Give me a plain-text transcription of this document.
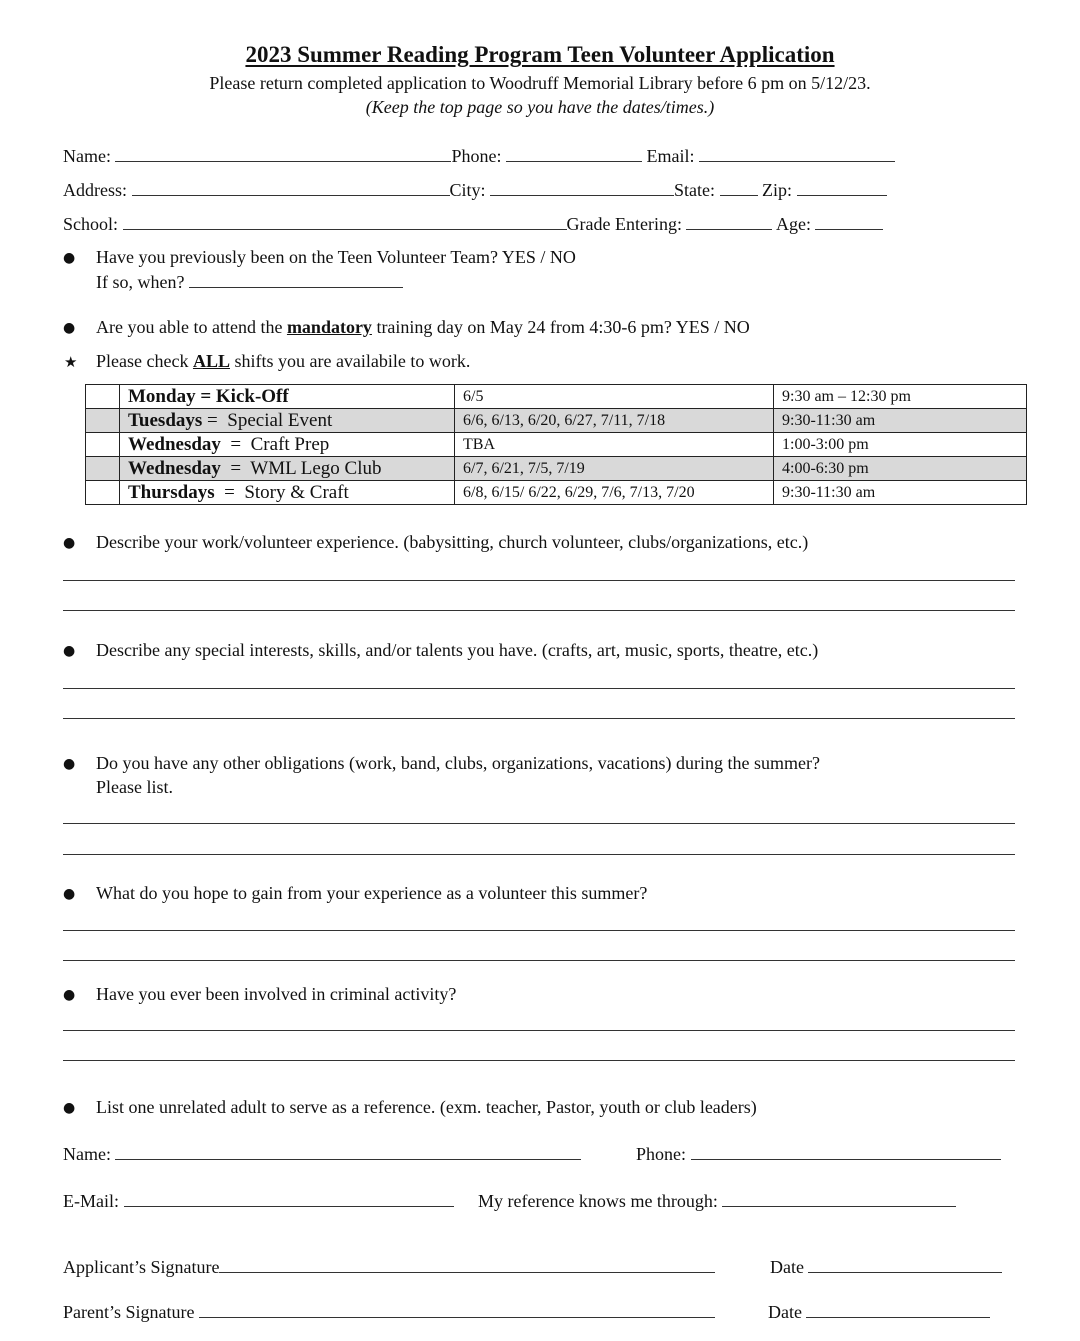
2023 Summer Reading Program Teen Volunteer Application
Please return completed application to Woodruff Memorial Library before 6 pm on 5/12/23.
(Keep the top page so you have the dates/times.)
Name:	Phone:	Email:
Address:	City:	State:	Zip:
School:	Grade Entering:	Age:
● Have you previously been on the Teen Volunteer Team? YES / NO
If so, when?
● Are you able to attend the mandatory training day on May 24 from 4:30-6 pm? YES / NO
★ Please check ALL shifts you are availabile to work.
	Monday = Kick-Off	6/5	9:30 am – 12:30 pm
	Tuesdays =  Special Event	6/6, 6/13, 6/20, 6/27, 7/11, 7/18	9:30-11:30 am
	Wednesday  =  Craft Prep	TBA	1:00-3:00 pm
	Wednesday  =  WML Lego Club	6/7, 6/21, 7/5, 7/19	4:00-6:30 pm
	Thursdays  =  Story & Craft	6/8, 6/15/ 6/22, 6/29, 7/6, 7/13, 7/20	9:30-11:30 am
● Describe your work/volunteer experience. (babysitting, church volunteer, clubs/organizations, etc.)
● Describe any special interests, skills, and/or talents you have. (crafts, art, music, sports, theatre, etc.)
● Do you have any other obligations (work, band, clubs, organizations, vacations) during the summer?
Please list.
● What do you hope to gain from your experience as a volunteer this summer?
● Have you ever been involved in criminal activity?
● List one unrelated adult to serve as a reference. (exm. teacher, Pastor, youth or club leaders)
Name:	Phone:
E-Mail:	My reference knows me through:
Applicant’s Signature	Date
Parent’s Signature	Date
